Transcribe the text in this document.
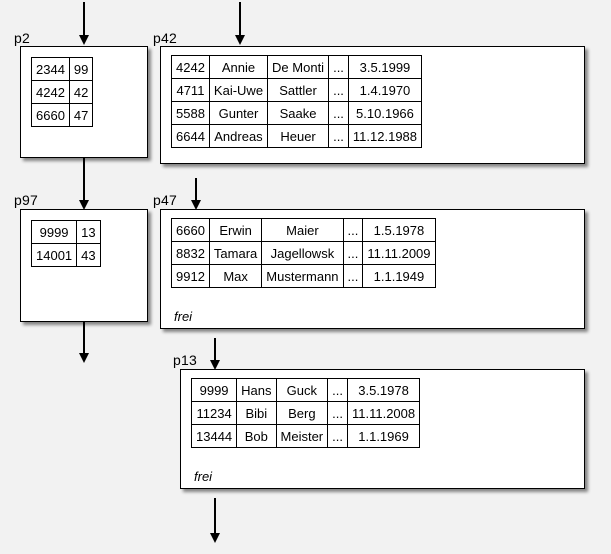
p2
2344	99
4242	42
6660	47
p42
4242	Annie	De Monti	...	3.5.1999
4711	Kai-Uwe	Sattler	...	1.4.1970
5588	Gunter	Saake	...	5.10.1966
6644	Andreas	Heuer	...	11.12.1988
p97
9999	13
14001	43
p47
6660	Erwin	Maier	...	1.5.1978
8832	Tamara	Jagellowsk	...	11.11.2009
9912	Max	Mustermann	...	1.1.1949
frei
p13
9999	Hans	Guck	...	3.5.1978
11234	Bibi	Berg	...	11.11.2008
13444	Bob	Meister	...	1.1.1969
frei
